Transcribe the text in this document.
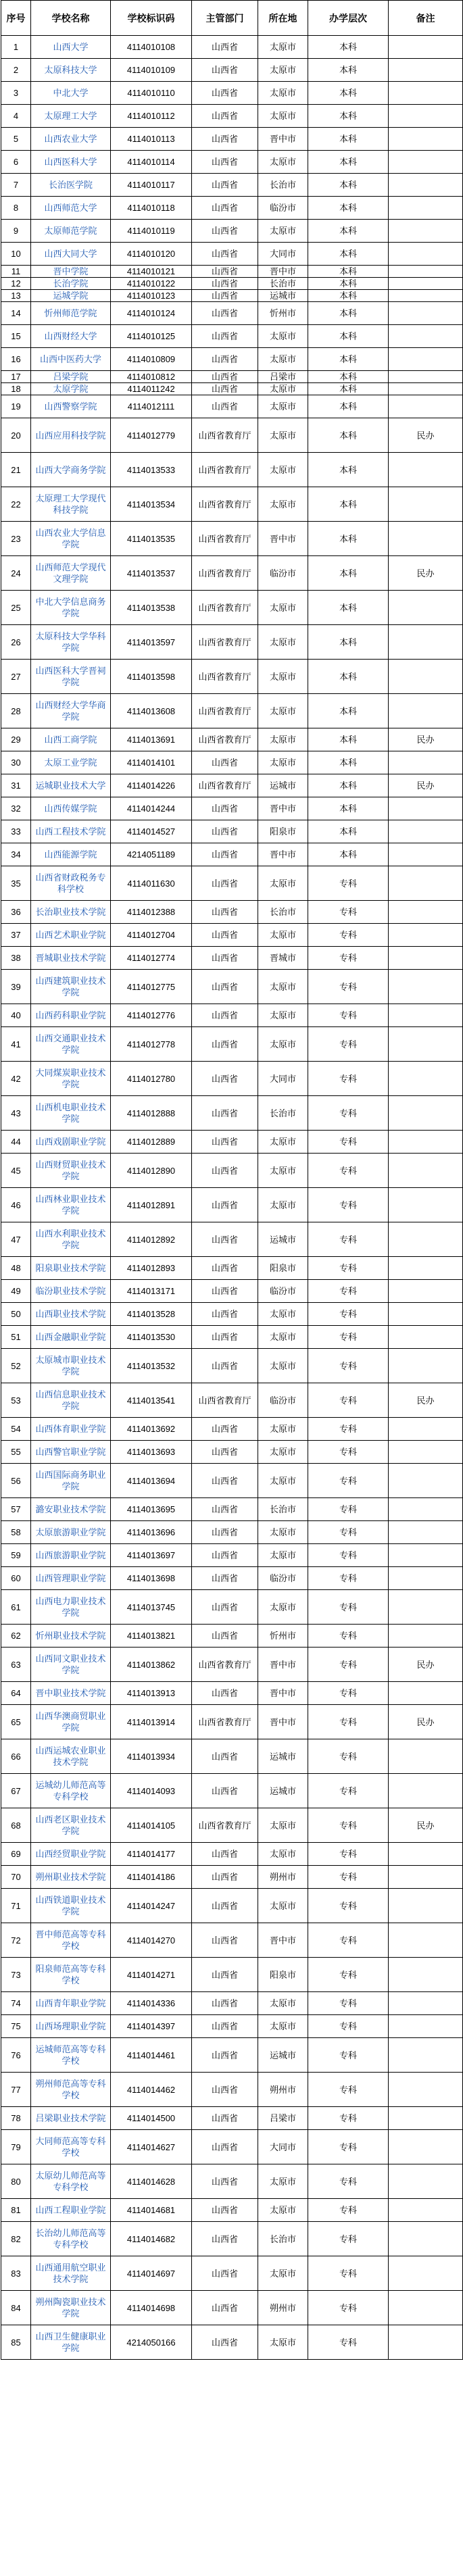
序号	学校名称	学校标识码	主管部门	所在地	办学层次	备注
1	山西大学	4114010108	山西省	太原市	本科	
2	太原科技大学	4114010109	山西省	太原市	本科	
3	中北大学	4114010110	山西省	太原市	本科	
4	太原理工大学	4114010112	山西省	太原市	本科	
5	山西农业大学	4114010113	山西省	晋中市	本科	
6	山西医科大学	4114010114	山西省	太原市	本科	
7	长治医学院	4114010117	山西省	长治市	本科	
8	山西师范大学	4114010118	山西省	临汾市	本科	
9	太原师范学院	4114010119	山西省	太原市	本科	
10	山西大同大学	4114010120	山西省	大同市	本科	
11	晋中学院	4114010121	山西省	晋中市	本科	
12	长治学院	4114010122	山西省	长治市	本科	
13	运城学院	4114010123	山西省	运城市	本科	
14	忻州师范学院	4114010124	山西省	忻州市	本科	
15	山西财经大学	4114010125	山西省	太原市	本科	
16	山西中医药大学	4114010809	山西省	太原市	本科	
17	吕梁学院	4114010812	山西省	吕梁市	本科	
18	太原学院	4114011242	山西省	太原市	本科	
19	山西警察学院	4114012111	山西省	太原市	本科	
20	山西应用科技学院	4114012779	山西省教育厅	太原市	本科	民办
21	山西大学商务学院	4114013533	山西省教育厅	太原市	本科	
22	太原理工大学现代科技学院	4114013534	山西省教育厅	太原市	本科	
23	山西农业大学信息学院	4114013535	山西省教育厅	晋中市	本科	
24	山西师范大学现代文理学院	4114013537	山西省教育厅	临汾市	本科	民办
25	中北大学信息商务学院	4114013538	山西省教育厅	太原市	本科	
26	太原科技大学华科学院	4114013597	山西省教育厅	太原市	本科	
27	山西医科大学晋祠学院	4114013598	山西省教育厅	太原市	本科	
28	山西财经大学华商学院	4114013608	山西省教育厅	太原市	本科	
29	山西工商学院	4114013691	山西省教育厅	太原市	本科	民办
30	太原工业学院	4114014101	山西省	太原市	本科	
31	运城职业技术大学	4114014226	山西省教育厅	运城市	本科	民办
32	山西传媒学院	4114014244	山西省	晋中市	本科	
33	山西工程技术学院	4114014527	山西省	阳泉市	本科	
34	山西能源学院	4214051189	山西省	晋中市	本科	
35	山西省财政税务专科学校	4114011630	山西省	太原市	专科	
36	长治职业技术学院	4114012388	山西省	长治市	专科	
37	山西艺术职业学院	4114012704	山西省	太原市	专科	
38	晋城职业技术学院	4114012774	山西省	晋城市	专科	
39	山西建筑职业技术学院	4114012775	山西省	太原市	专科	
40	山西药科职业学院	4114012776	山西省	太原市	专科	
41	山西交通职业技术学院	4114012778	山西省	太原市	专科	
42	大同煤炭职业技术学院	4114012780	山西省	大同市	专科	
43	山西机电职业技术学院	4114012888	山西省	长治市	专科	
44	山西戏剧职业学院	4114012889	山西省	太原市	专科	
45	山西财贸职业技术学院	4114012890	山西省	太原市	专科	
46	山西林业职业技术学院	4114012891	山西省	太原市	专科	
47	山西水利职业技术学院	4114012892	山西省	运城市	专科	
48	阳泉职业技术学院	4114012893	山西省	阳泉市	专科	
49	临汾职业技术学院	4114013171	山西省	临汾市	专科	
50	山西职业技术学院	4114013528	山西省	太原市	专科	
51	山西金融职业学院	4114013530	山西省	太原市	专科	
52	太原城市职业技术学院	4114013532	山西省	太原市	专科	
53	山西信息职业技术学院	4114013541	山西省教育厅	临汾市	专科	民办
54	山西体育职业学院	4114013692	山西省	太原市	专科	
55	山西警官职业学院	4114013693	山西省	太原市	专科	
56	山西国际商务职业学院	4114013694	山西省	太原市	专科	
57	潞安职业技术学院	4114013695	山西省	长治市	专科	
58	太原旅游职业学院	4114013696	山西省	太原市	专科	
59	山西旅游职业学院	4114013697	山西省	太原市	专科	
60	山西管理职业学院	4114013698	山西省	临汾市	专科	
61	山西电力职业技术学院	4114013745	山西省	太原市	专科	
62	忻州职业技术学院	4114013821	山西省	忻州市	专科	
63	山西同文职业技术学院	4114013862	山西省教育厅	晋中市	专科	民办
64	晋中职业技术学院	4114013913	山西省	晋中市	专科	
65	山西华澳商贸职业学院	4114013914	山西省教育厅	晋中市	专科	民办
66	山西运城农业职业技术学院	4114013934	山西省	运城市	专科	
67	运城幼儿师范高等专科学校	4114014093	山西省	运城市	专科	
68	山西老区职业技术学院	4114014105	山西省教育厅	太原市	专科	民办
69	山西经贸职业学院	4114014177	山西省	太原市	专科	
70	朔州职业技术学院	4114014186	山西省	朔州市	专科	
71	山西铁道职业技术学院	4114014247	山西省	太原市	专科	
72	晋中师范高等专科学校	4114014270	山西省	晋中市	专科	
73	阳泉师范高等专科学校	4114014271	山西省	阳泉市	专科	
74	山西青年职业学院	4114014336	山西省	太原市	专科	
75	山西场理职业学院	4114014397	山西省	太原市	专科	
76	运城师范高等专科学校	4114014461	山西省	运城市	专科	
77	朔州师范高等专科学校	4114014462	山西省	朔州市	专科	
78	吕梁职业技术学院	4114014500	山西省	吕梁市	专科	
79	大同师范高等专科学校	4114014627	山西省	大同市	专科	
80	太原幼儿师范高等专科学校	4114014628	山西省	太原市	专科	
81	山西工程职业学院	4114014681	山西省	太原市	专科	
82	长治幼儿师范高等专科学校	4114014682	山西省	长治市	专科	
83	山西通用航空职业技术学院	4114014697	山西省	太原市	专科	
84	朔州陶瓷职业技术学院	4114014698	山西省	朔州市	专科	
85	山西卫生健康职业学院	4214050166	山西省	太原市	专科	
